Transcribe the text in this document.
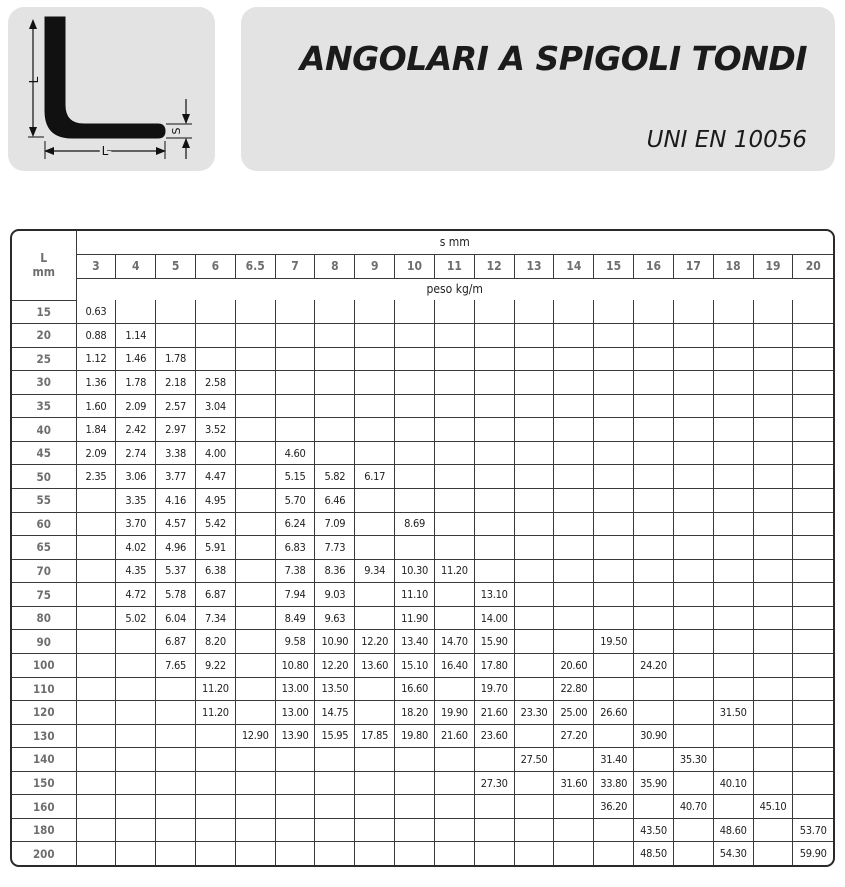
L
L
S
ANGOLARI A SPIGOLI TONDI
UNI EN 10056
L
mm	s mm																		
	3	4	5	6	6.5	7	8	9	10	11	12	13	14	15	16	17	18	19	20
	peso kg/m																		
15	0.63																		
20	0.88	1.14																	
25	1.12	1.46	1.78																
30	1.36	1.78	2.18	2.58															
35	1.60	2.09	2.57	3.04															
40	1.84	2.42	2.97	3.52															
45	2.09	2.74	3.38	4.00		4.60													
50	2.35	3.06	3.77	4.47		5.15	5.82	6.17											
55		3.35	4.16	4.95		5.70	6.46												
60		3.70	4.57	5.42		6.24	7.09		8.69										
65		4.02	4.96	5.91		6.83	7.73												
70		4.35	5.37	6.38		7.38	8.36	9.34	10.30	11.20									
75		4.72	5.78	6.87		7.94	9.03		11.10		13.10								
80		5.02	6.04	7.34		8.49	9.63		11.90		14.00								
90			6.87	8.20		9.58	10.90	12.20	13.40	14.70	15.90			19.50					
100			7.65	9.22		10.80	12.20	13.60	15.10	16.40	17.80		20.60		24.20				
110				11.20		13.00	13.50		16.60		19.70		22.80						
120				11.20		13.00	14.75		18.20	19.90	21.60	23.30	25.00	26.60			31.50		
130					12.90	13.90	15.95	17.85	19.80	21.60	23.60		27.20		30.90				
140												27.50		31.40		35.30			
150											27.30		31.60	33.80	35.90		40.10		
160														36.20		40.70		45.10	
180															43.50		48.60		53.70
200															48.50		54.30		59.90
